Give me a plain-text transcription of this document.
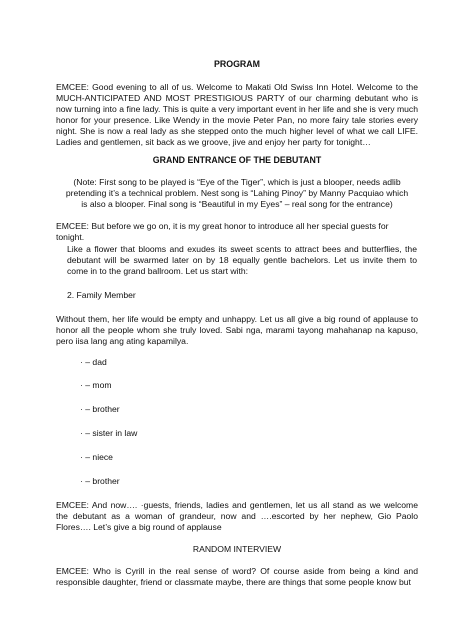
PROGRAM

EMCEE: Good evening to all of us. Welcome to Makati Old Swiss Inn Hotel. Welcome to the MUCH-ANTICIPATED AND MOST PRESTIGIOUS PARTY of our charming debutant who is now turning into a fine lady. This is quite a very important event in her life and she is very much honor for your presence. Like Wendy in the movie Peter Pan, no more fairy tale stories every night. She is now a real lady as she stepped onto the much higher level of what we call LIFE. Ladies and gentlemen, sit back as we groove, jive and enjoy her party for tonight…

GRAND ENTRANCE OF THE DEBUTANT

(Note: First song to be played is “Eye of the Tiger”, which is just a blooper, needs adlib pretending it’s a technical problem. Nest song is “Lahing Pinoy” by Manny Pacquiao which is also a blooper. Final song is “Beautiful in my Eyes” – real song for the entrance)

EMCEE: But before we go on, it is my great honor to introduce all her special guests for tonight.

Like a flower that blooms and exudes its sweet scents to attract bees and butterflies, the debutant will be swarmed later on by 18 equally gentle bachelors. Let us invite them to come in to the grand ballroom. Let us start with:

2. Family Member

Without them, her life would be empty and unhappy. Let us all give a big round of applause to honor all the people whom she truly loved. Sabi nga, marami tayong mahahanap na kapuso, pero iisa lang ang ating kapamilya.

· – dad

· – mom

· – brother

· – sister in law

· – niece

· – brother

EMCEE: And now…. ·guests, friends, ladies and gentlemen, let us all stand as we welcome the debutant as a woman of grandeur, now and ….escorted by her nephew, Gio Paolo Flores…. Let’s give a big round of applause

RANDOM INTERVIEW

EMCEE: Who is Cyrill in the real sense of word? Of course aside from being a kind and responsible daughter, friend or classmate maybe, there are things that some people know but
